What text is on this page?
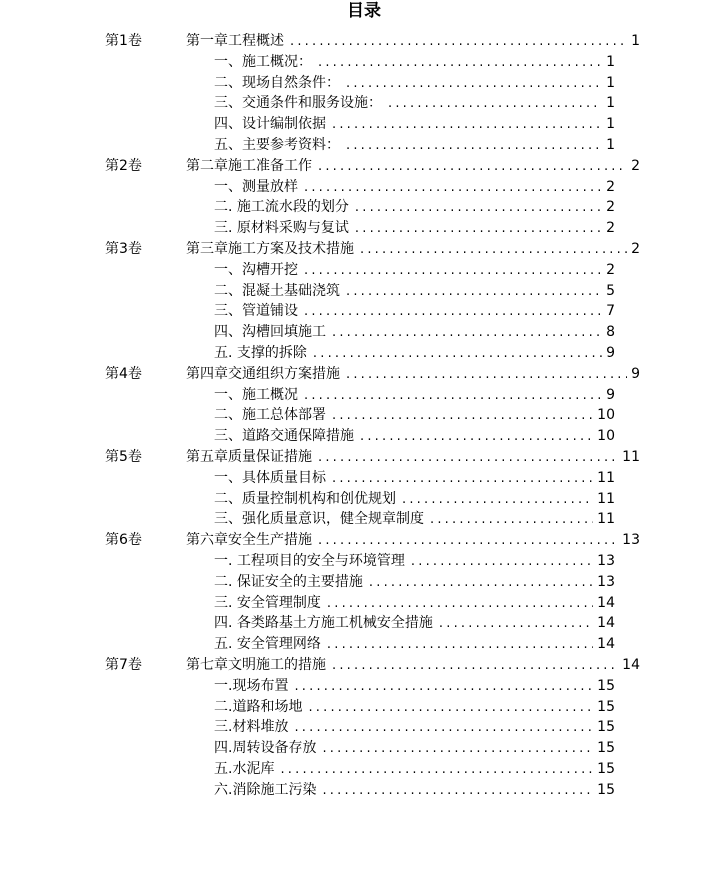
目录
第1卷	第一章工程概述 .....	1
一、施工概况： .....	1
二、现场自然条件： .....	1
三、交通条件和服务设施： .....	1
四、设计编制依据 .....	1
五、主要参考资料： .....	1
第2卷	第二章施工准备工作 .....	2
一、测量放样 .....	2
二. 施工流水段的划分 .....	2
三. 原材料采购与复试 .....	2
第3卷	第三章施工方案及技术措施 .....	2
一、沟槽开挖 .....	2
二、混凝土基础浇筑 .....	5
三、管道铺设 .....	7
四、沟槽回填施工 .....	8
五. 支撑的拆除 .....	9
第4卷	第四章交通组织方案措施 .....	9
一、施工概况 .....	9
二、施工总体部署 .....	10
三、道路交通保障措施 .....	10
第5卷	第五章质量保证措施 .....	11
一、具体质量目标 .....	11
二、质量控制机构和创优规划 .....	11
三、强化质量意识，健全规章制度 .....	11
第6卷	第六章安全生产措施 .....	13
一. 工程项目的安全与环境管理 .....	13
二. 保证安全的主要措施 .....	13
三. 安全管理制度 .....	14
四. 各类路基土方施工机械安全措施 .....	14
五. 安全管理网络 .....	14
第7卷	第七章文明施工的措施 .....	14
一.现场布置 .....	15
二.道路和场地 .....	15
三.材料堆放 .....	15
四.周转设备存放 .....	15
五.水泥库 .....	15
六.消除施工污染 .....	15
